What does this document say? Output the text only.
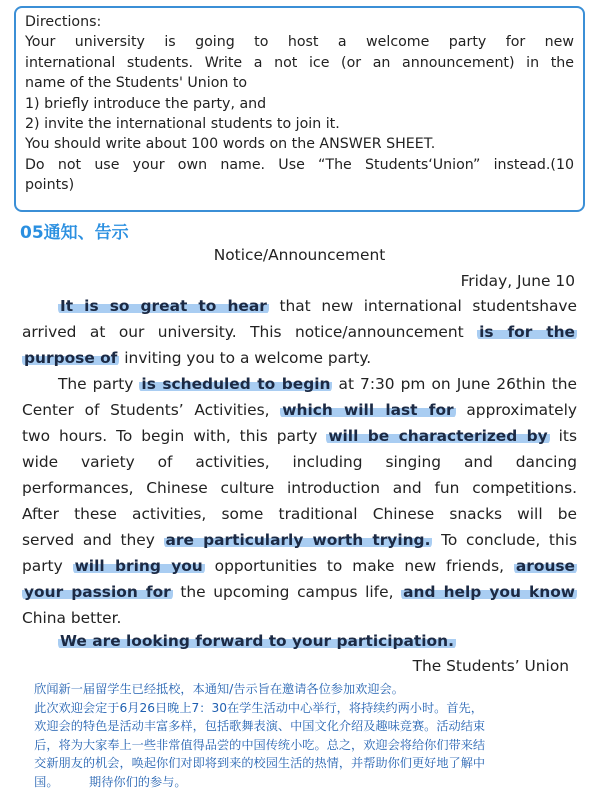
Directions:
Your university is going to host a welcome party for new
international students. Write a not ice (or an announcement) in the
name of the Students' Union to
1) briefly introduce the party, and
2) invite the international students to join it.
You should write about 100 words on the ANSWER SHEET.
Do not use your own name. Use “The Students‘Union” instead.(10
points)
05通知、告示
Notice/Announcement
Friday, June 10
It is so great to hear that new international studentshave
arrived at our university. This notice/announcement is for the
purpose of inviting you to a welcome party.
The party is scheduled to begin at 7:30 pm on June 26thin the
Center of Students’ Activities, which will last for approximately
two hours. To begin with, this party will be characterized by its
wide variety of activities, including singing and dancing
performances, Chinese culture introduction and fun competitions.
After these activities, some traditional Chinese snacks will be
served and they are particularly worth trying. To conclude, this
party will bring you opportunities to make new friends, arouse
your passion for the upcoming campus life, and help you know
China better.
We are looking forward to your participation.
The Students’ Union
　欣闻新一届留学生已经抵校，本通知/告示旨在邀请各位参加欢迎会。
　此次欢迎会定于6月26日晚上7：30在学生活动中心举行，将持续约两小时。首先，
　欢迎会的特色是活动丰富多样，包括歌舞表演、中国文化介绍及趣味竞赛。活动结束
　后，将为大家奉上一些非常值得品尝的中国传统小吃。总之，欢迎会将给你们带来结
　交新朋友的机会，唤起你们对即将到来的校园生活的热情，并帮助你们更好地了解中
　国。　　　期待你们的参与。
